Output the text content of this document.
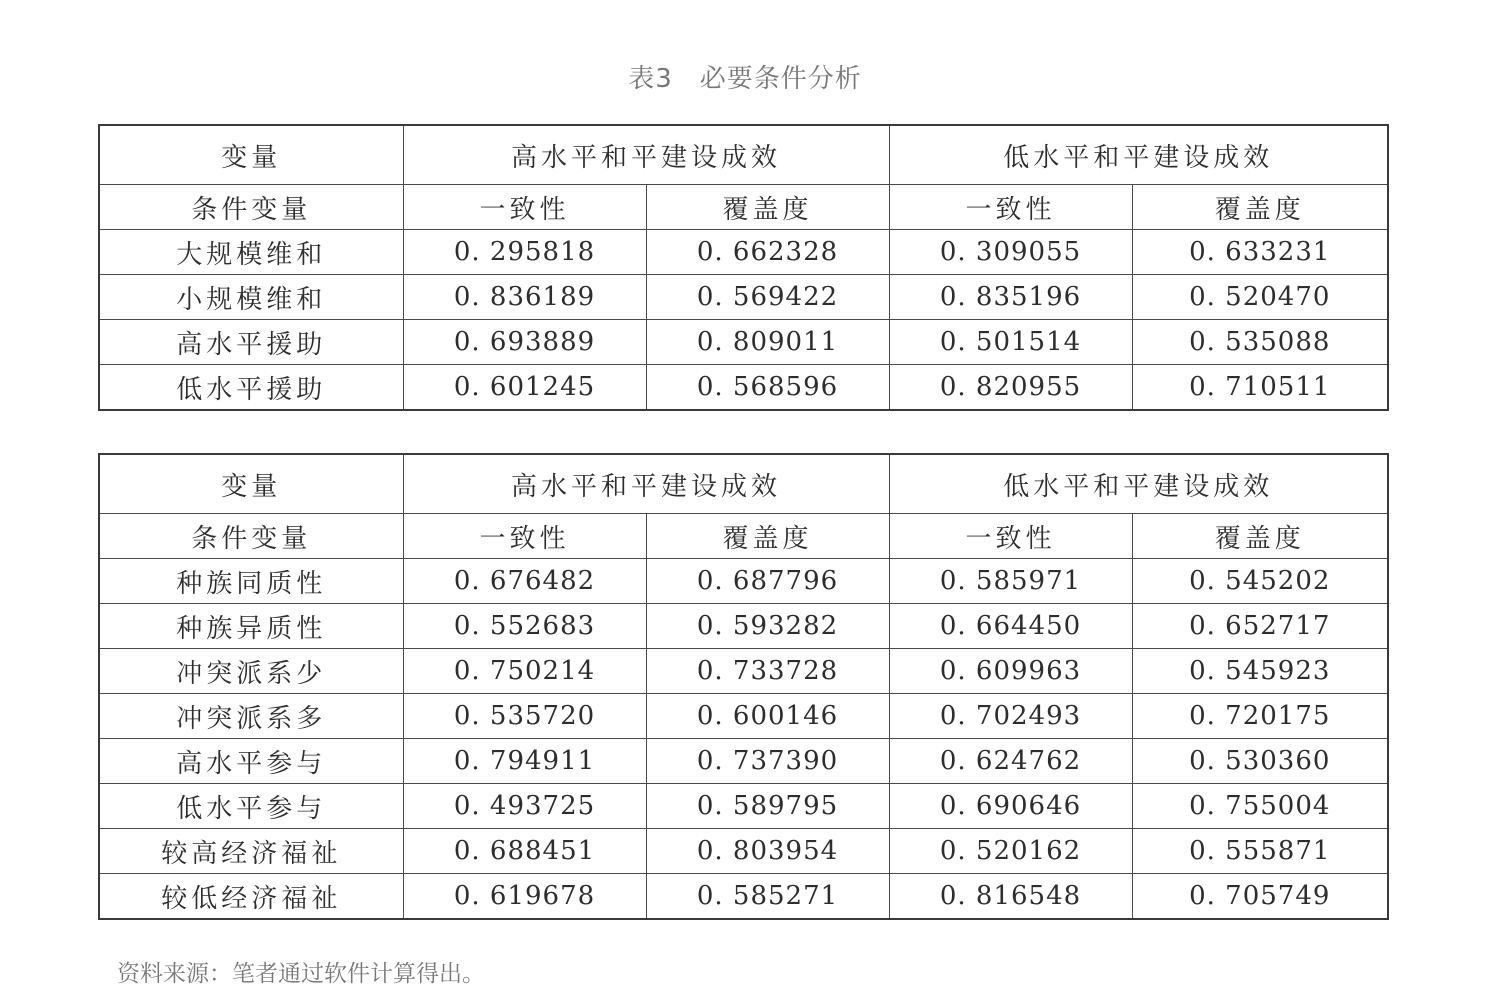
表3　必要条件分析
变量	高水平和平建设成效		低水平和平建设成效	
条件变量	一致性	覆盖度	一致性	覆盖度
大规模维和	0. 295818	0. 662328	0. 309055	0. 633231
小规模维和	0. 836189	0. 569422	0. 835196	0. 520470
高水平援助	0. 693889	0. 809011	0. 501514	0. 535088
低水平援助	0. 601245	0. 568596	0. 820955	0. 710511
变量	高水平和平建设成效		低水平和平建设成效	
条件变量	一致性	覆盖度	一致性	覆盖度
种族同质性	0. 676482	0. 687796	0. 585971	0. 545202
种族异质性	0. 552683	0. 593282	0. 664450	0. 652717
冲突派系少	0. 750214	0. 733728	0. 609963	0. 545923
冲突派系多	0. 535720	0. 600146	0. 702493	0. 720175
高水平参与	0. 794911	0. 737390	0. 624762	0. 530360
低水平参与	0. 493725	0. 589795	0. 690646	0. 755004
较高经济福祉	0. 688451	0. 803954	0. 520162	0. 555871
较低经济福祉	0. 619678	0. 585271	0. 816548	0. 705749
资料来源：笔者通过软件计算得出。
